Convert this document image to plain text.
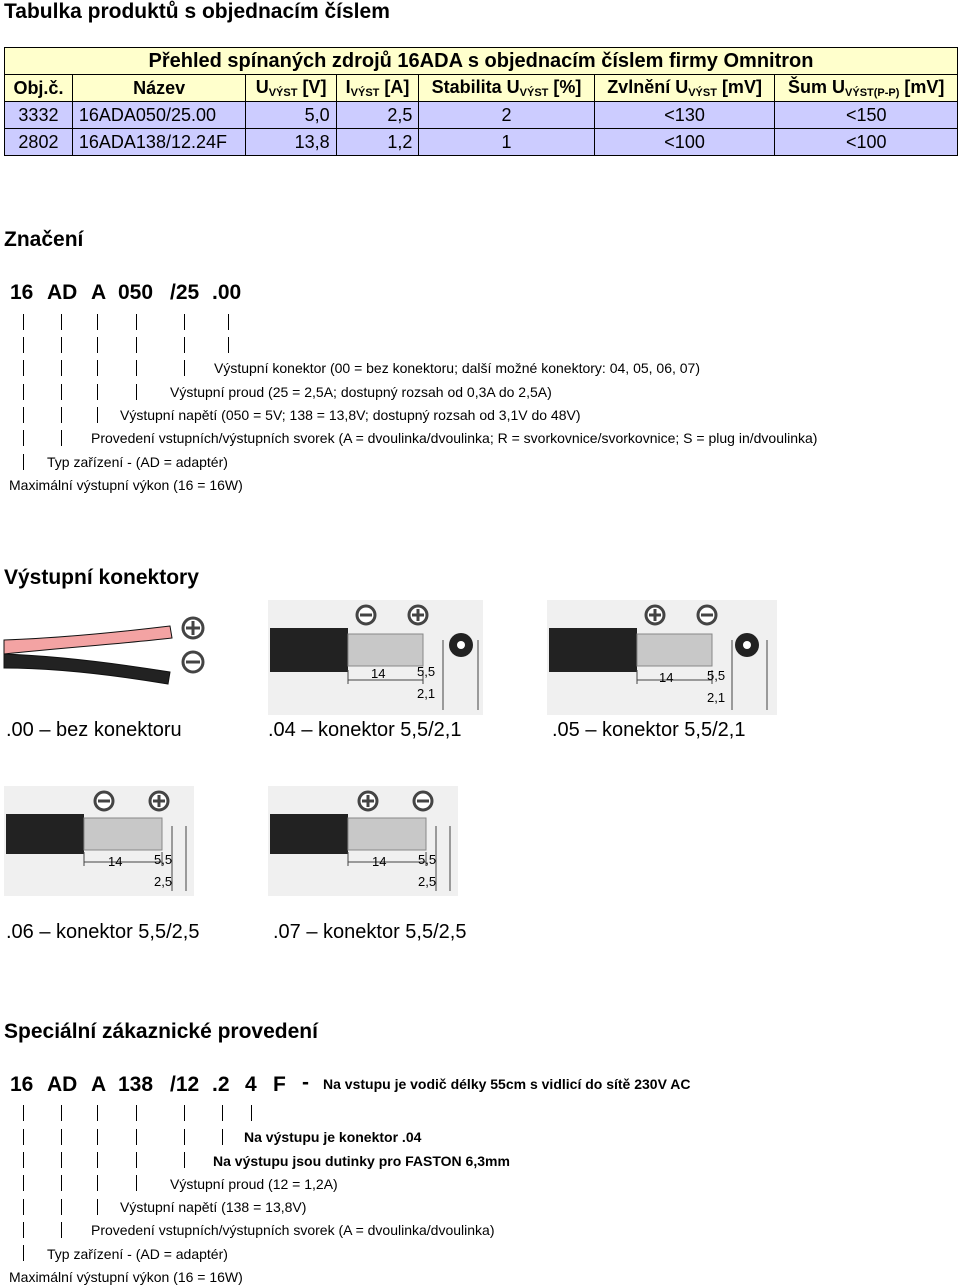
Tabulka produktů s objednacím číslem
Přehled spínaných zdrojů 16ADA s objednacím číslem firmy Omnitron						
Obj.č.	Název	$U_{VÝST}$ [V]	$I_{VÝST}$ [A]	Stabilita $U_{VÝST}$ [%]	Zvlnění $U_{VÝST}$ [mV]	Šum $U_{VÝST(P-P)}$ [mV]
3332	16ADA050/25.00	5,0	2,5	2	<130	<150
2802	16ADA138/12.24F	13,8	1,2	1	<100	<100
Značení
16 AD A 050 /25 .00
Výstupní konektor (00 = bez konektoru; další možné konektory: 04, 05, 06, 07)
Výstupní proud (25 = 2,5A; dostupný rozsah od 0,3A do 2,5A)
Výstupní napětí (050 = 5V; 138 = 13,8V; dostupný rozsah od 3,1V do 48V)
Provedení vstupních/výstupních svorek (A = dvoulinka/dvoulinka; R = svorkovnice/svorkovnice; S = plug in/dvoulinka)
Typ zařízení - (AD = adaptér)
Maximální výstupní výkon (16 = 16W)
Výstupní konektory
14 5,5
2,1
14	5,5
2,1
.00 – bez konektoru	.04 – konektor 5,5/2,1	.05 – konektor 5,5/2,1
14 5,5
2,5
14 5,5
2,5
.06 – konektor 5,5/2,5	.07 – konektor 5,5/2,5
Speciální zákaznické provedení
16 AD A 138 /12 .2 4 F - Na vstupu je vodič délky 55cm s vidlicí do sítě 230V AC
Na výstupu je konektor .04
Na výstupu jsou dutinky pro FASTON 6,3mm
Výstupní proud (12 = 1,2A)
Výstupní napětí (138 = 13,8V)
Provedení vstupních/výstupních svorek (A = dvoulinka/dvoulinka)
Typ zařízení - (AD = adaptér)
Maximální výstupní výkon (16 = 16W)
